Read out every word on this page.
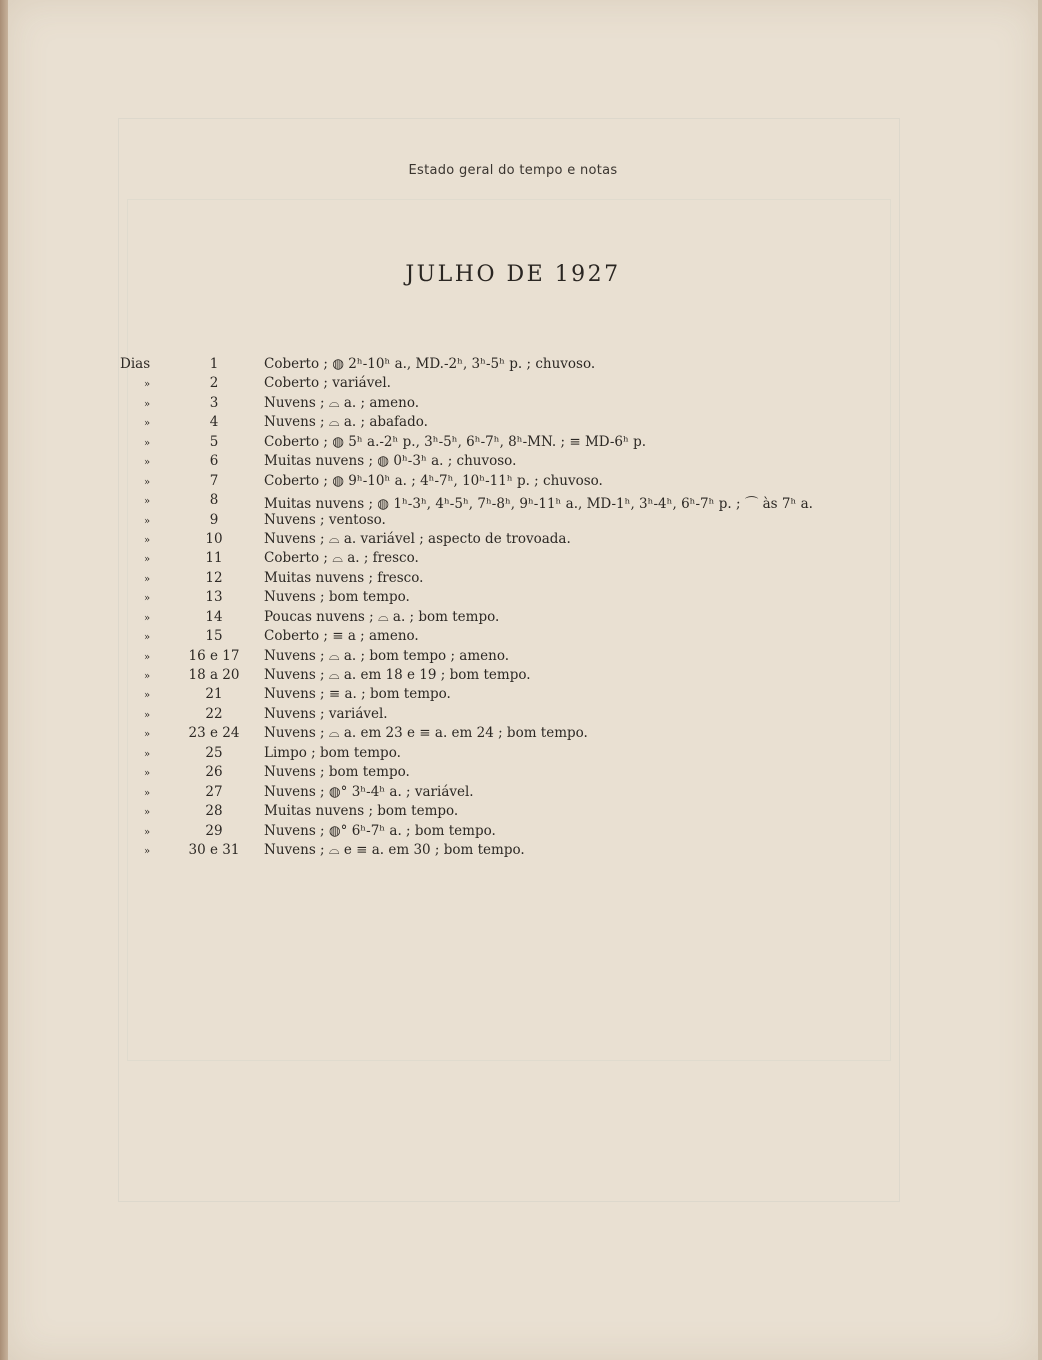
Estado geral do tempo e notas
JULHO DE 1927
Dias	1	Coberto ; ◍ 2ʰ-10ʰ a., MD.-2ʰ, 3ʰ-5ʰ p. ; chuvoso.
»	2	Coberto ; variável.
»	3	Nuvens ; ⌓ a. ; ameno.
»	4	Nuvens ; ⌓ a. ; abafado.
»	5	Coberto ; ◍ 5ʰ a.-2ʰ p., 3ʰ-5ʰ, 6ʰ-7ʰ, 8ʰ-MN. ; ≡ MD-6ʰ p.
»	6	Muitas nuvens ; ◍ 0ʰ-3ʰ a. ; chuvoso.
»	7	Coberto ; ◍ 9ʰ-10ʰ a. ; 4ʰ-7ʰ, 10ʰ-11ʰ p. ; chuvoso.
»	8	Muitas nuvens ; ◍ 1ʰ-3ʰ, 4ʰ-5ʰ, 7ʰ-8ʰ, 9ʰ-11ʰ a., MD-1ʰ, 3ʰ-4ʰ, 6ʰ-7ʰ p. ; ⌒ às 7ʰ a.
»	9	Nuvens ; ventoso.
»	10	Nuvens ; ⌓ a. variável ; aspecto de trovoada.
»	11	Coberto ; ⌓ a. ; fresco.
»	12	Muitas nuvens ; fresco.
»	13	Nuvens ; bom tempo.
»	14	Poucas nuvens ; ⌓ a. ; bom tempo.
»	15	Coberto ; ≡ a ; ameno.
»	16 e 17	Nuvens ; ⌓ a. ; bom tempo ; ameno.
»	18 a 20	Nuvens ; ⌓ a. em 18 e 19 ; bom tempo.
»	21	Nuvens ; ≡ a. ; bom tempo.
»	22	Nuvens ; variável.
»	23 e 24	Nuvens ; ⌓ a. em 23 e ≡ a. em 24 ; bom tempo.
»	25	Limpo ; bom tempo.
»	26	Nuvens ; bom tempo.
»	27	Nuvens ; ◍° 3ʰ-4ʰ a. ; variável.
»	28	Muitas nuvens ; bom tempo.
»	29	Nuvens ; ◍° 6ʰ-7ʰ a. ; bom tempo.
»	30 e 31	Nuvens ; ⌓ e ≡ a. em 30 ; bom tempo.
